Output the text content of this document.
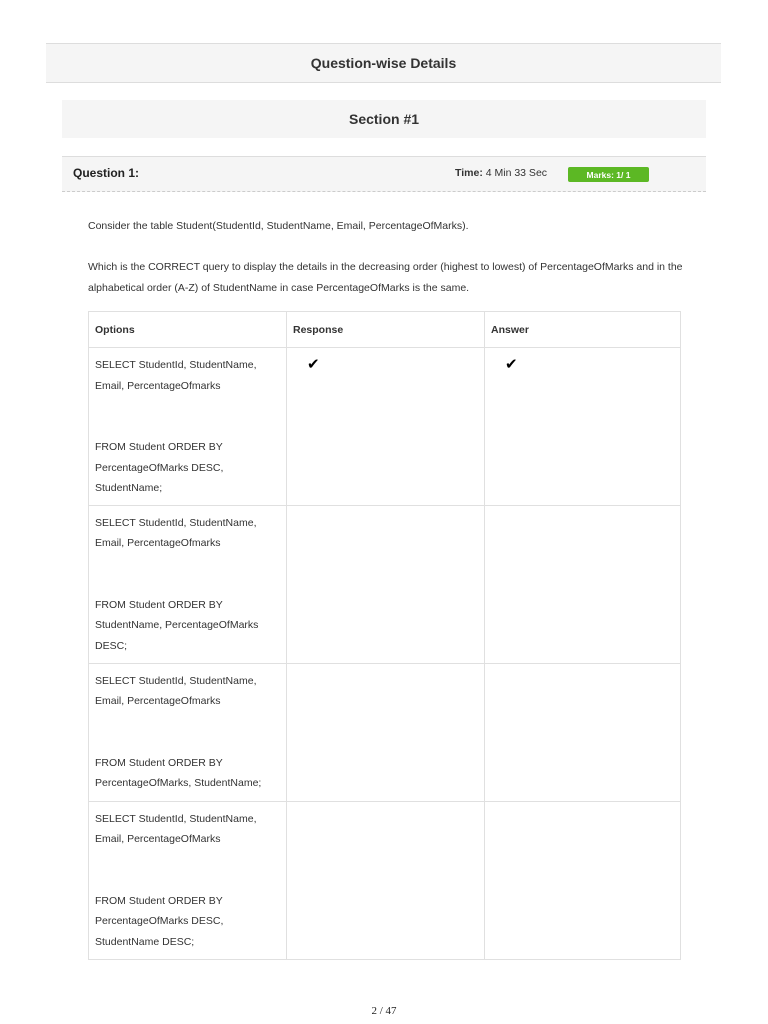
Question-wise Details
Section #1
Question 1:	Time: 4 Min 33 Sec	Marks: 1/ 1
Consider the table Student(StudentId, StudentName, Email, PercentageOfMarks).
Which is the CORRECT query to display the details in the decreasing order (highest to lowest) of PercentageOfMarks and in the alphabetical order (A-Z) of StudentName in case PercentageOfMarks is the same.
Options	Response	Answer

SELECT StudentId, StudentName,
Email, PercentageOfmarks
FROM Student ORDER BY
PercentageOfMarks DESC,
StudentName;	✔	✔

SELECT StudentId, StudentName,
Email, PercentageOfmarks
FROM Student ORDER BY
StudentName, PercentageOfMarks
DESC;		

SELECT StudentId, StudentName,
Email, PercentageOfmarks
FROM Student ORDER BY
PercentageOfMarks, StudentName;		

SELECT StudentId, StudentName,
Email, PercentageOfMarks
FROM Student ORDER BY
PercentageOfMarks DESC,
StudentName DESC;		

2 / 47
